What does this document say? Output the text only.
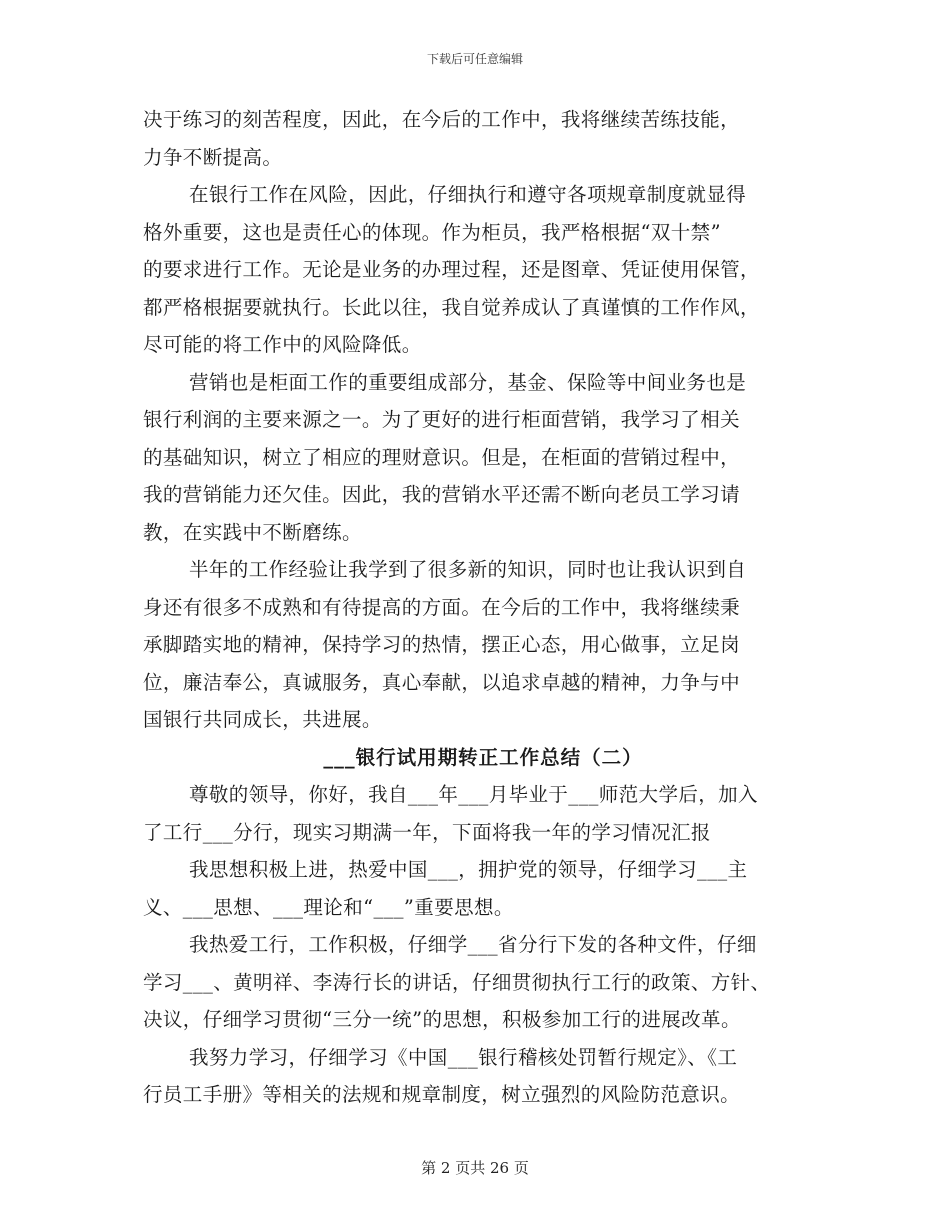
下载后可任意编辑
决于练习的刻苦程度，因此，在今后的工作中，我将继续苦练技能，
力争不断提高。
在银行工作在风险，因此，仔细执行和遵守各项规章制度就显得
格外重要，这也是责任心的体现。作为柜员，我严格根据“双十禁”
的要求进行工作。无论是业务的办理过程，还是图章、凭证使用保管，
都严格根据要就执行。长此以往，我自觉养成认了真谨慎的工作作风，
尽可能的将工作中的风险降低。
营销也是柜面工作的重要组成部分，基金、保险等中间业务也是
银行利润的主要来源之一。为了更好的进行柜面营销，我学习了相关
的基础知识，树立了相应的理财意识。但是，在柜面的营销过程中，
我的营销能力还欠佳。因此，我的营销水平还需不断向老员工学习请
教，在实践中不断磨练。
半年的工作经验让我学到了很多新的知识，同时也让我认识到自
身还有很多不成熟和有待提高的方面。在今后的工作中，我将继续秉
承脚踏实地的精神，保持学习的热情，摆正心态，用心做事，立足岗
位，廉洁奉公，真诚服务，真心奉献，以追求卓越的精神，力争与中
国银行共同成长，共进展。
___银行试用期转正工作总结（二）
尊敬的领导，你好，我自___年___月毕业于___师范大学后，加入
了工行___分行，现实习期满一年，下面将我一年的学习情况汇报
我思想积极上进，热爱中国___，拥护党的领导，仔细学习___主
义、___思想、___理论和“___”重要思想。
我热爱工行，工作积极，仔细学___省分行下发的各种文件，仔细
学习___、黄明祥、李涛行长的讲话，仔细贯彻执行工行的政策、方针、
决议，仔细学习贯彻“三分一统”的思想，积极参加工行的进展改革。
我努力学习，仔细学习《中国___银行稽核处罚暂行规定》、《工
行员工手册》等相关的法规和规章制度，树立强烈的风险防范意识。
第 2 页共 26 页
